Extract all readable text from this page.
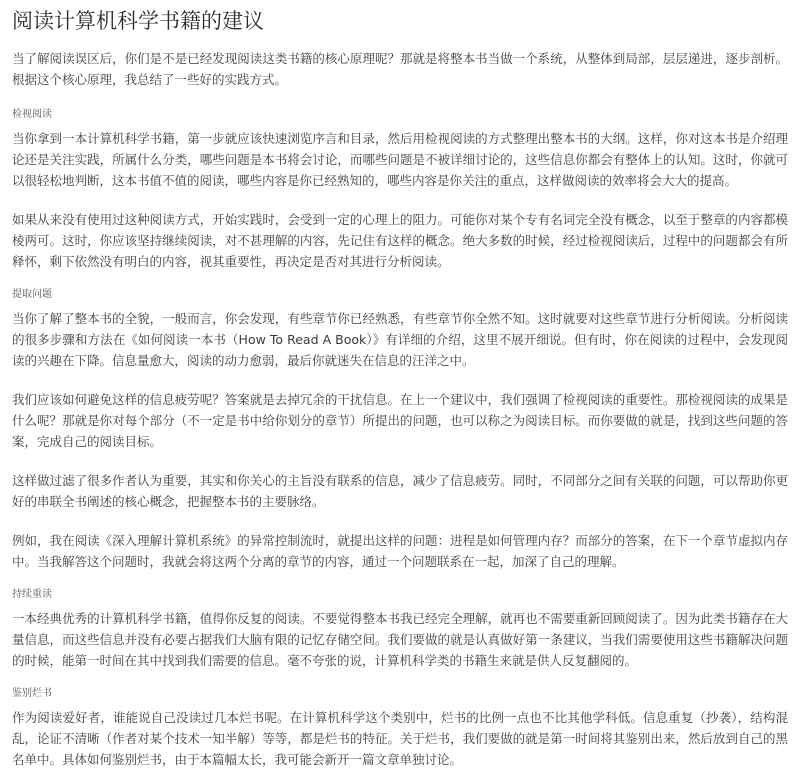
阅读计算机科学书籍的建议

当了解阅读误区后，你们是不是已经发现阅读这类书籍的核心原理呢？那就是将整本书当做一个系统，从整体到局部，层层递进，逐步剖析。根据这个核心原理，我总结了一些好的实践方式。

检视阅读

当你拿到一本计算机科学书籍，第一步就应该快速浏览序言和目录，然后用检视阅读的方式整理出整本书的大纲。这样，你对这本书是介绍理论还是关注实践，所属什么分类，哪些问题是本书将会讨论，而哪些问题是不被详细讨论的，这些信息你都会有整体上的认知。这时，你就可以很轻松地判断，这本书值不值的阅读，哪些内容是你已经熟知的，哪些内容是你关注的重点，这样做阅读的效率将会大大的提高。

如果从来没有使用过这种阅读方式，开始实践时，会受到一定的心理上的阻力。可能你对某个专有名词完全没有概念，以至于整章的内容都模棱两可。这时，你应该坚持继续阅读，对不甚理解的内容，先记住有这样的概念。绝大多数的时候，经过检视阅读后，过程中的问题都会有所释怀，剩下依然没有明白的内容，视其重要性，再决定是否对其进行分析阅读。

提取问题

当你了解了整本书的全貌，一般而言，你会发现，有些章节你已经熟悉，有些章节你全然不知。这时就要对这些章节进行分析阅读。分析阅读的很多步骤和方法在《如何阅读一本书（How To Read A Book）》有详细的介绍，这里不展开细说。但有时，你在阅读的过程中，会发现阅读的兴趣在下降。信息量愈大，阅读的动力愈弱，最后你就迷失在信息的汪洋之中。

我们应该如何避免这样的信息疲劳呢？答案就是去掉冗余的干扰信息。在上一个建议中，我们强调了检视阅读的重要性。那检视阅读的成果是什么呢？那就是你对每个部分（不一定是书中给你划分的章节）所提出的问题，也可以称之为阅读目标。而你要做的就是，找到这些问题的答案，完成自己的阅读目标。

这样做过滤了很多作者认为重要，其实和你关心的主旨没有联系的信息，减少了信息疲劳。同时，不同部分之间有关联的问题，可以帮助你更好的串联全书阐述的核心概念，把握整本书的主要脉络。

例如，我在阅读《深入理解计算机系统》的异常控制流时，就提出这样的问题：进程是如何管理内存？而部分的答案，在下一个章节虚拟内存中。当我解答这个问题时，我就会将这两个分离的章节的内容，通过一个问题联系在一起，加深了自己的理解。

持续重读

一本经典优秀的计算机科学书籍，值得你反复的阅读。不要觉得整本书我已经完全理解，就再也不需要重新回顾阅读了。因为此类书籍存在大量信息，而这些信息并没有必要占据我们大脑有限的记忆存储空间。我们要做的就是认真做好第一条建议，当我们需要使用这些书籍解决问题的时候，能第一时间在其中找到我们需要的信息。毫不夸张的说，计算机科学类的书籍生来就是供人反复翻阅的。

鉴别烂书

作为阅读爱好者，谁能说自己没读过几本烂书呢。在计算机科学这个类别中，烂书的比例一点也不比其他学科低。信息重复（抄袭），结构混乱，论证不清晰（作者对某个技术一知半解）等等，都是烂书的特征。关于烂书，我们要做的就是第一时间将其鉴别出来，然后放到自己的黑名单中。具体如何鉴别烂书，由于本篇幅太长，我可能会新开一篇文章单独讨论。
